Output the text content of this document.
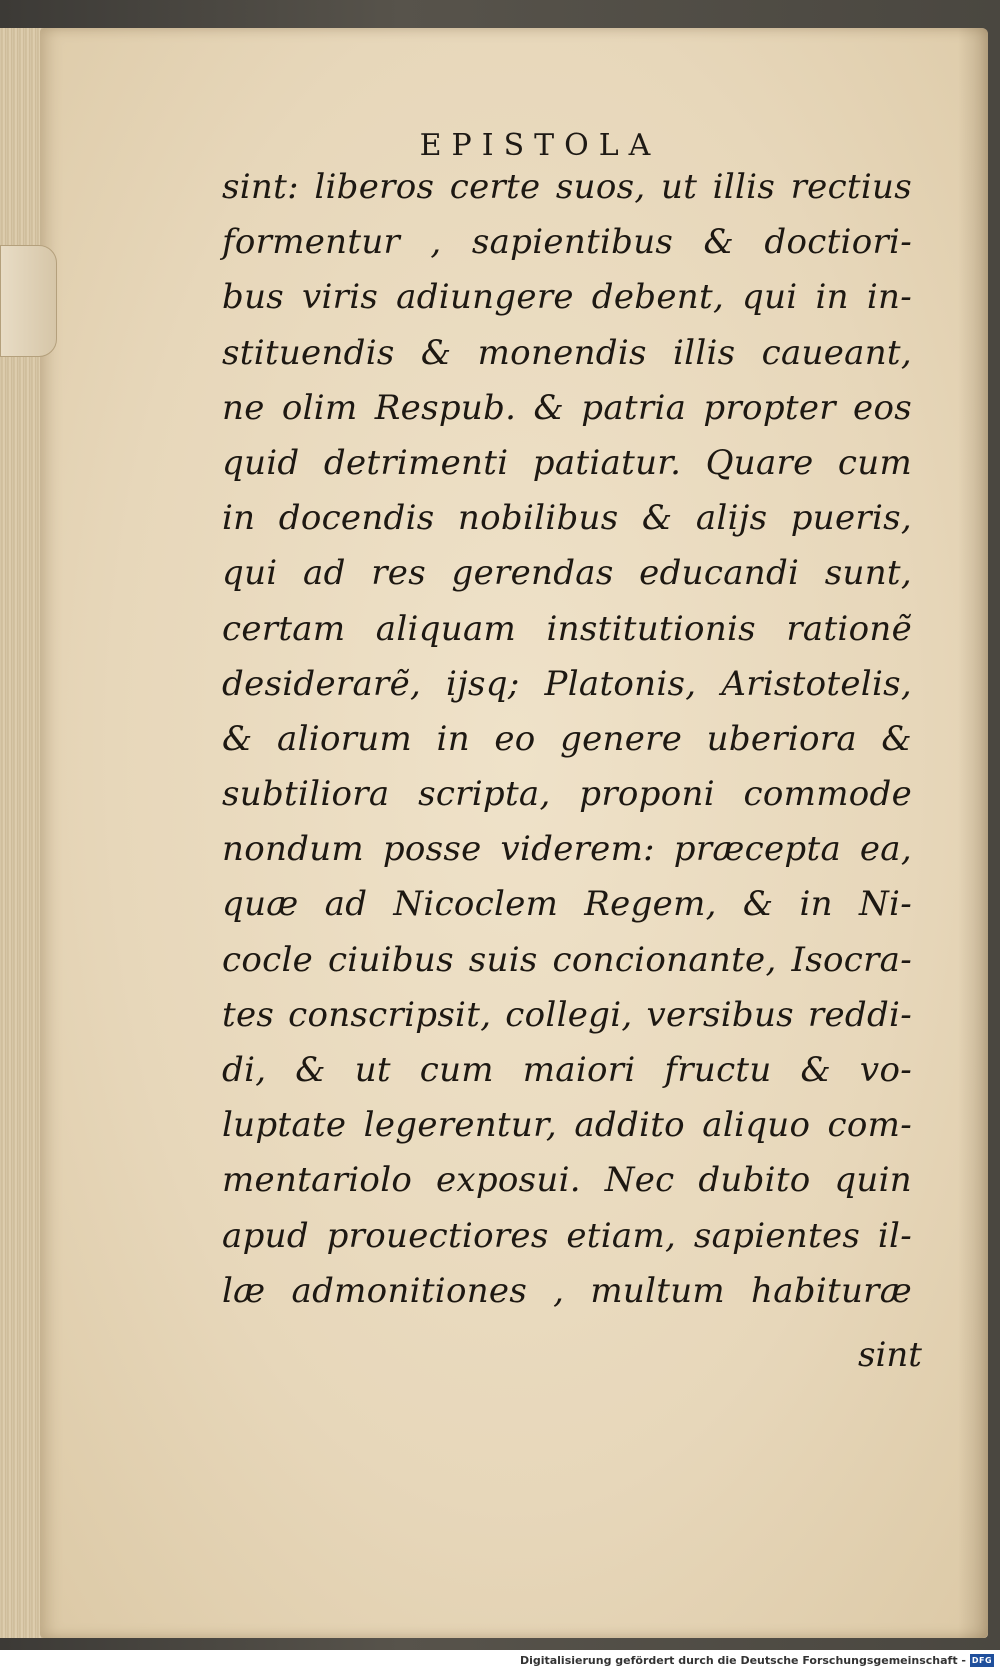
EPISTOLA
sint: liberos certe suos, ut illis rectius
formentur , sapientibus & doctiori-
bus viris adiungere debent, qui in in-
stituendis & monendis illis caueant,
ne olim Respub. & patria propter eos
quid detrimenti patiatur. Quare cum
in docendis nobilibus & alijs pueris,
qui ad res gerendas educandi sunt,
certam aliquam institutionis rationẽ
desiderarẽ, ijsq; Platonis, Aristotelis,
& aliorum in eo genere uberiora &
subtiliora scripta, proponi commode
nondum posse viderem: præcepta ea,
quæ ad Nicoclem Regem, & in Ni-
cocle ciuibus suis concionante, Isocra-
tes conscripsit, collegi, versibus reddi-
di, & ut cum maiori fructu & vo-
luptate legerentur, addito aliquo com-
mentariolo exposui. Nec dubito quin
apud prouectiores etiam, sapientes il-
læ admonitiones , multum habituræ
sint
Digitalisierung gefördert durch die Deutsche Forschungsgemeinschaft - DFG
